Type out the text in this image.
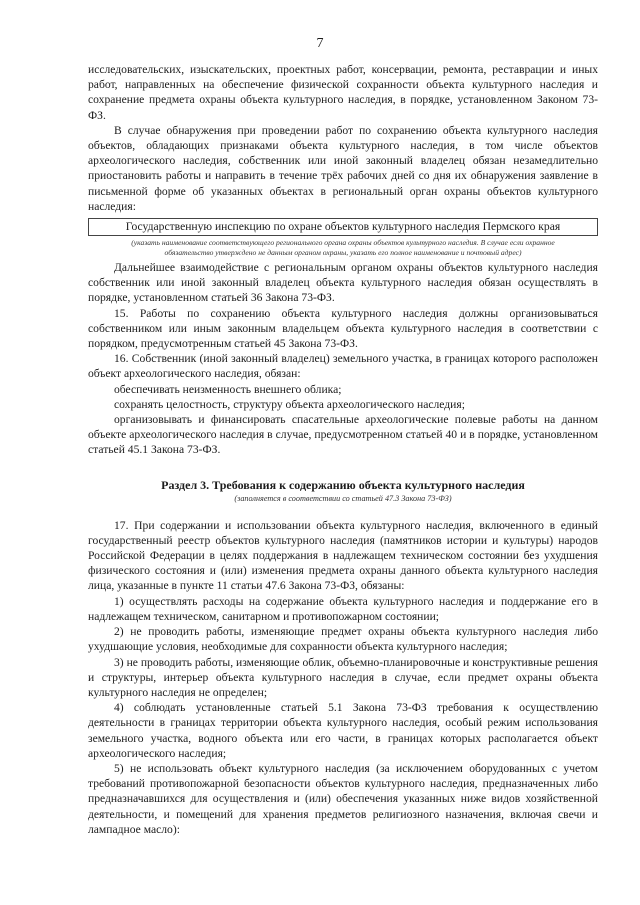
7

исследовательских, изыскательских, проектных работ, консервации, ремонта, реставрации и иных работ, направленных на обеспечение физической сохранности объекта культурного наследия и сохранение предмета охраны объекта культурного наследия, в порядке, установленном Законом 73-ФЗ.

В случае обнаружения при проведении работ по сохранению объекта культурного наследия объектов, обладающих признаками объекта культурного наследия, в том числе объектов археологического наследия, собственник или иной законный владелец обязан незамедлительно приостановить работы и направить в течение трёх рабочих дней со дня их обнаружения заявление в письменной форме об указанных объектах в региональный орган охраны объектов культурного наследия:

Государственную инспекцию по охране объектов культурного наследия Пермского края
(указать наименование соответствующего регионального органа охраны объектов культурного наследия. В случае если охранное обязательство утверждено не данным органом охраны, указать его полное наименование и почтовый адрес)

Дальнейшее взаимодействие с региональным органом охраны объектов культурного наследия собственник или иной законный владелец объекта культурного наследия обязан осуществлять в порядке, установленном статьей 36 Закона 73-ФЗ.

15. Работы по сохранению объекта культурного наследия должны организовываться собственником или иным законным владельцем объекта культурного наследия в соответствии с порядком, предусмотренным статьей 45 Закона 73-ФЗ.

16. Собственник (иной законный владелец) земельного участка, в границах которого расположен объект археологического наследия, обязан:

обеспечивать неизменность внешнего облика;

сохранять целостность, структуру объекта археологического наследия;

организовывать и финансировать спасательные археологические полевые работы на данном объекте археологического наследия в случае, предусмотренном статьей 40 и в порядке, установленном статьей 45.1 Закона 73-ФЗ.

Раздел 3. Требования к содержанию объекта культурного наследия

(заполняется в соответствии со статьей 47.3 Закона 73-ФЗ)

17. При содержании и использовании объекта культурного наследия, включенного в единый государственный реестр объектов культурного наследия (памятников истории и культуры) народов Российской Федерации в целях поддержания в надлежащем техническом состоянии без ухудшения физического состояния и (или) изменения предмета охраны данного объекта культурного наследия лица, указанные в пункте 11 статьи 47.6 Закона 73-ФЗ, обязаны:

1) осуществлять расходы на содержание объекта культурного наследия и поддержание его в надлежащем техническом, санитарном и противопожарном состоянии;

2) не проводить работы, изменяющие предмет охраны объекта культурного наследия либо ухудшающие условия, необходимые для сохранности объекта культурного наследия;

3) не проводить работы, изменяющие облик, объемно-планировочные и конструктивные решения и структуры, интерьер объекта культурного наследия в случае, если предмет охраны объекта культурного наследия не определен;

4) соблюдать установленные статьей 5.1 Закона 73-ФЗ требования к осуществлению деятельности в границах территории объекта культурного наследия, особый режим использования земельного участка, водного объекта или его части, в границах которых располагается объект археологического наследия;

5) не использовать объект культурного наследия (за исключением оборудованных с учетом требований противопожарной безопасности объектов культурного наследия, предназначенных либо предназначавшихся для осуществления и (или) обеспечения указанных ниже видов хозяйственной деятельности, и помещений для хранения предметов религиозного назначения, включая свечи и лампадное масло):
